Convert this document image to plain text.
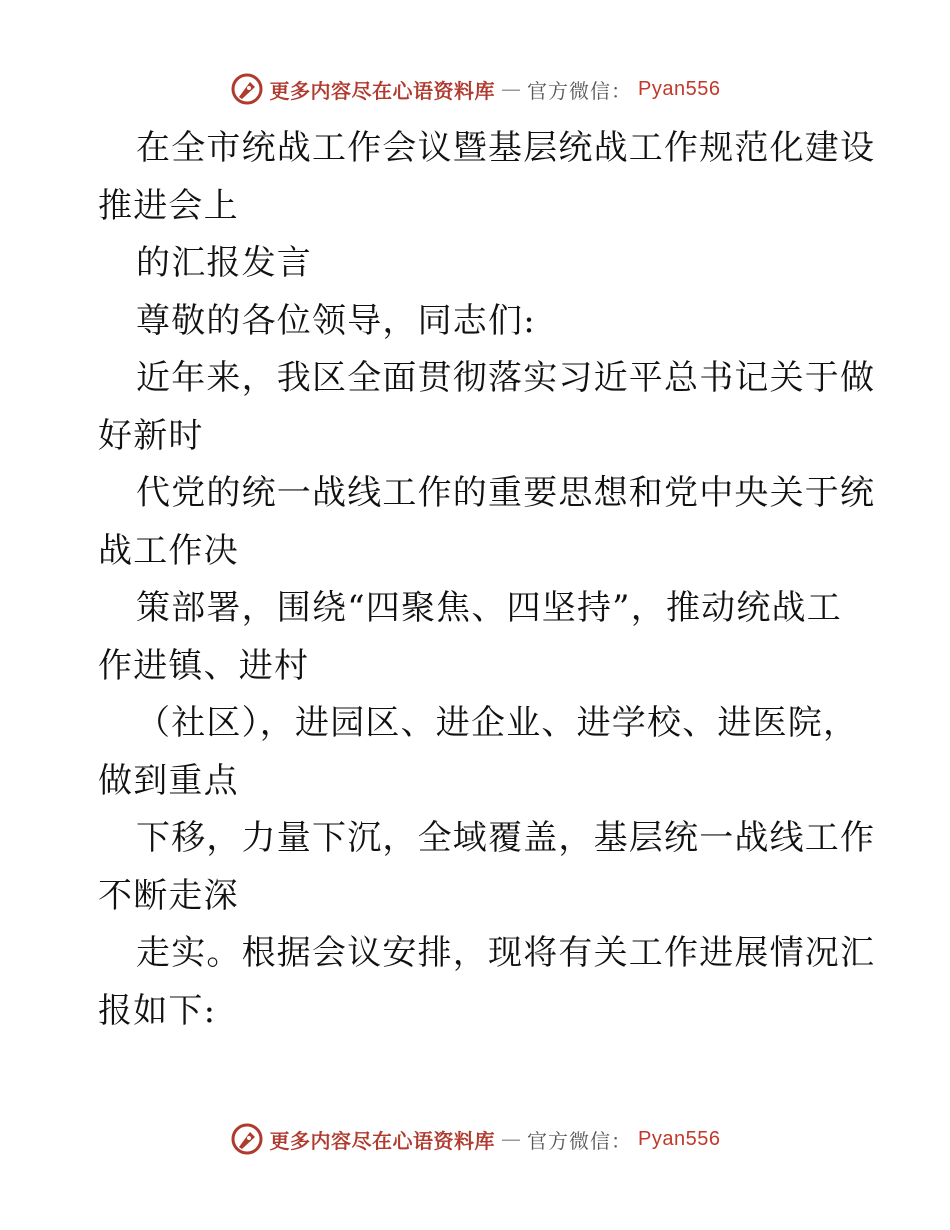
更多内容尽在心语资料库 — 官方微信： Pyan556
在全市统战工作会议暨基层统战工作规范化建设
推进会上
的汇报发言
尊敬的各位领导，同志们:
近年来，我区全面贯彻落实习近平总书记关于做
好新时
代党的统一战线工作的重要思想和党中央关于统
战工作决
策部署，围绕“四聚焦、四坚持”，推动统战工
作进镇、进村
（社区），进园区、进企业、进学校、进医院，
做到重点
下移，力量下沉，全域覆盖，基层统一战线工作
不断走深
走实。根据会议安排，现将有关工作进展情况汇
报如下:
更多内容尽在心语资料库 — 官方微信： Pyan556
